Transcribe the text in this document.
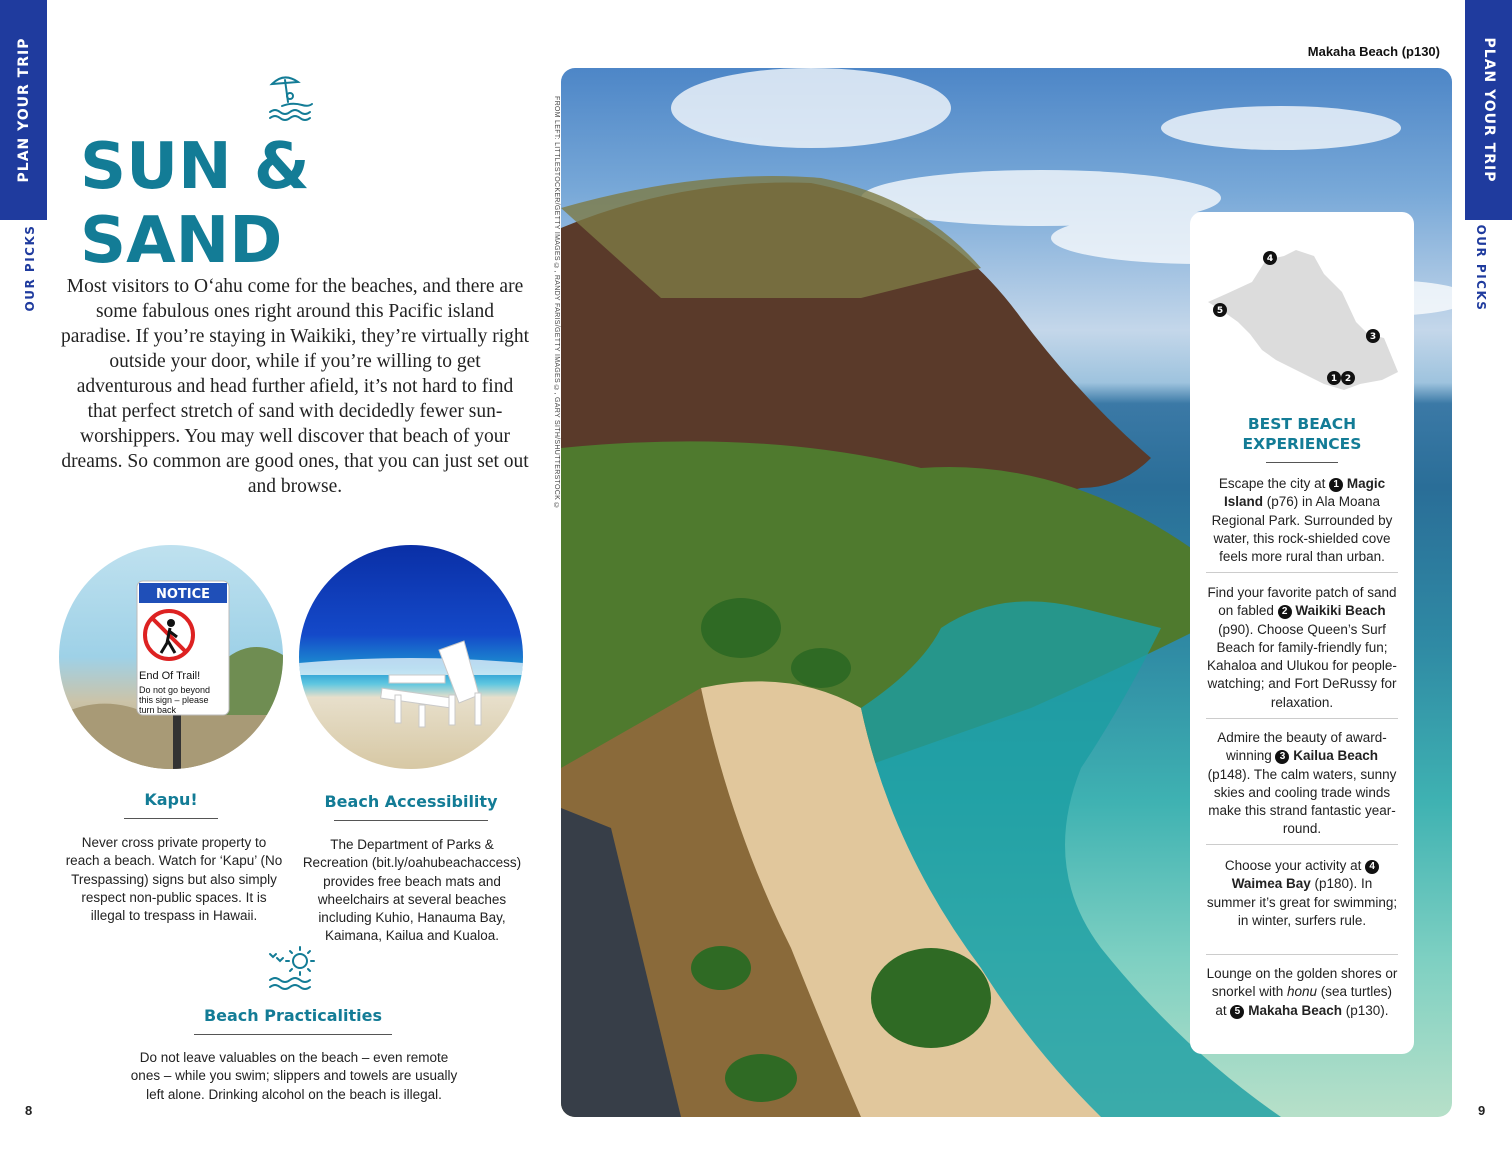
PLAN YOUR TRIP
OUR PICKS
PLAN YOUR TRIP
OUR PICKS
8	9
SUN & SAND

Most visitors to O‘ahu come for the beaches, and there are some fabulous ones right around this Pacific island paradise. If you’re staying in Waikiki, they’re virtually right outside your door, while if you’re willing to get adventurous and head further afield, it’s not hard to find that perfect stretch of sand with decidedly fewer sun-worshippers. You may well discover that beach of your dreams. So common are good ones, that you can just set out and browse.

NOTICE
End Of Trail!
Do not go beyond this sign – please turn back
Kapu!

Never cross private property to reach a beach. Watch for ‘Kapu’ (No Trespassing) signs but also simply respect non-public spaces. It is illegal to trespass in Hawaii.

Beach Accessibility

The Department of Parks & Recreation (bit.ly/oahubeachaccess) provides free beach mats and wheelchairs at several beaches including Kuhio, Hanauma Bay, Kaimana, Kailua and Kualoa.

Beach Practicalities

Do not leave valuables on the beach – even remote ones – while you swim; slippers and towels are usually left alone. Drinking alcohol on the beach is illegal.

FROM LEFT: LITTLESTOCKER/GETTY IMAGES ©, RANDY FARIS/GETTY IMAGES ©, GARY SITH/SHUTTERSTOCK ©
Makaha Beach (p130)
4
5
3
1 2
BEST BEACH EXPERIENCES

Escape the city at 1 Magic Island (p76) in Ala Moana Regional Park. Surrounded by water, this rock-shielded cove feels more rural than urban.

Find your favorite patch of sand on fabled 2 Waikiki Beach (p90). Choose Queen’s Surf Beach for family-friendly fun; Kahaloa and Ulukou for people-watching; and Fort DeRussy for relaxation.

Admire the beauty of award-winning 3 Kailua Beach (p148). The calm waters, sunny skies and cooling trade winds make this strand fantastic year-round.

Choose your activity at 4 Waimea Bay (p180). In summer it’s great for swimming; in winter, surfers rule.

Lounge on the golden shores or snorkel with honu (sea turtles) at 5 Makaha Beach (p130).
